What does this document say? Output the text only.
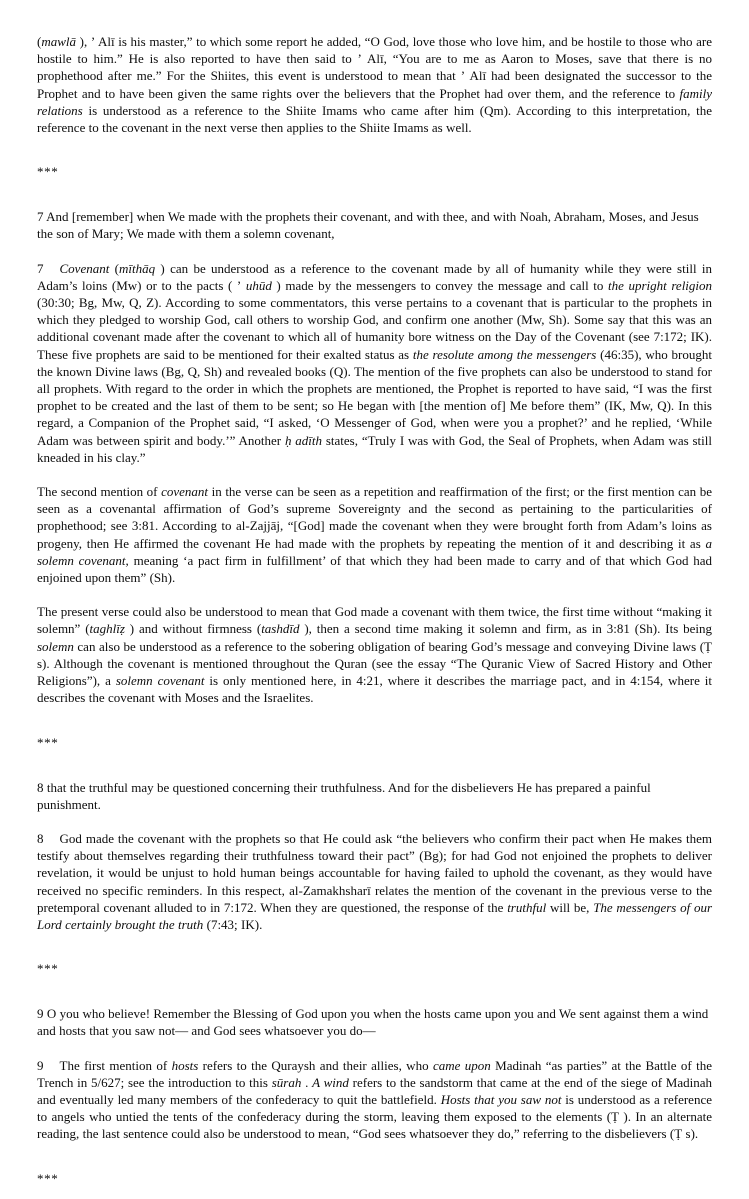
(mawlā ), ʼ Alī is his master,” to which some report he added, “O God, love those who love him, and be hostile to those who are hostile to him.” He is also reported to have then said to ʼ Alī, “You are to me as Aaron to Moses, save that there is no prophethood after me.” For the Shiites, this event is understood to mean that ʼ Alī had been designated the successor to the Prophet and to have been given the same rights over the believers that the Prophet had over them, and the reference to family relations is understood as a reference to the Shiite Imams who came after him (Qm). According to this interpretation, the reference to the covenant in the next verse then applies to the Shiite Imams as well.

***

7 And [remember] when We made with the prophets their covenant, and with thee, and with Noah, Abraham, Moses, and Jesus the son of Mary; We made with them a solemn covenant,

7 Covenant (mīthāq ) can be understood as a reference to the covenant made by all of humanity while they were still in Adam’s loins (Mw) or to the pacts ( ʼ uhūd ) made by the messengers to convey the message and call to the upright religion (30:30; Bg, Mw, Q, Z). According to some commentators, this verse pertains to a covenant that is particular to the prophets in which they pledged to worship God, call others to worship God, and confirm one another (Mw, Sh). Some say that this was an additional covenant made after the covenant to which all of humanity bore witness on the Day of the Covenant (see 7:172; IK). These five prophets are said to be mentioned for their exalted status as the resolute among the messengers (46:35), who brought the known Divine laws (Bg, Q, Sh) and revealed books (Q). The mention of the five prophets can also be understood to stand for all prophets. With regard to the order in which the prophets are mentioned, the Prophet is reported to have said, “I was the first prophet to be created and the last of them to be sent; so He began with [the mention of] Me before them” (IK, Mw, Q). In this regard, a Companion of the Prophet said, “I asked, ‘O Messenger of God, when were you a prophet?’ and he replied, ‘While Adam was between spirit and body.’” Another ḥ adīth states, “Truly I was with God, the Seal of Prophets, when Adam was still kneaded in his clay.”

The second mention of covenant in the verse can be seen as a repetition and reaffirmation of the first; or the first mention can be seen as a covenantal affirmation of God’s supreme Sovereignty and the second as pertaining to the particularities of prophethood; see 3:81. According to al-Zajjāj, “[God] made the covenant when they were brought forth from Adam’s loins as progeny, then He affirmed the covenant He had made with the prophets by repeating the mention of it and describing it as a solemn covenant, meaning ‘a pact firm in fulfillment’ of that which they had been made to carry and of that which God had enjoined upon them” (Sh).

The present verse could also be understood to mean that God made a covenant with them twice, the first time without “making it solemn” (taghlīẓ ) and without firmness (tashdīd ), then a second time making it solemn and firm, as in 3:81 (Sh). Its being solemn can also be understood as a reference to the sobering obligation of bearing God’s message and conveying Divine laws (Ṭ s). Although the covenant is mentioned throughout the Quran (see the essay “The Quranic View of Sacred History and Other Religions”), a solemn covenant is only mentioned here, in 4:21, where it describes the marriage pact, and in 4:154, where it describes the covenant with Moses and the Israelites.

***

8 that the truthful may be questioned concerning their truthfulness. And for the disbelievers He has prepared a painful punishment.

8 God made the covenant with the prophets so that He could ask “the believers who confirm their pact when He makes them testify about themselves regarding their truthfulness toward their pact” (Bg); for had God not enjoined the prophets to deliver revelation, it would be unjust to hold human beings accountable for having failed to uphold the covenant, as they would have received no specific reminders. In this respect, al-Zamakhsharī relates the mention of the covenant in the previous verse to the pretemporal covenant alluded to in 7:172. When they are questioned, the response of the truthful will be, The messengers of our Lord certainly brought the truth (7:43; IK).

***

9 O you who believe! Remember the Blessing of God upon you when the hosts came upon you and We sent against them a wind and hosts that you saw not— and God sees whatsoever you do—

9 The first mention of hosts refers to the Quraysh and their allies, who came upon Madinah “as parties” at the Battle of the Trench in 5/627; see the introduction to this sūrah . A wind refers to the sandstorm that came at the end of the siege of Madinah and eventually led many members of the confederacy to quit the battlefield. Hosts that you saw not is understood as a reference to angels who untied the tents of the confederacy during the storm, leaving them exposed to the elements (Ṭ ). In an alternate reading, the last sentence could also be understood to mean, “God sees whatsoever they do,” referring to the disbelievers (Ṭ s).

***
